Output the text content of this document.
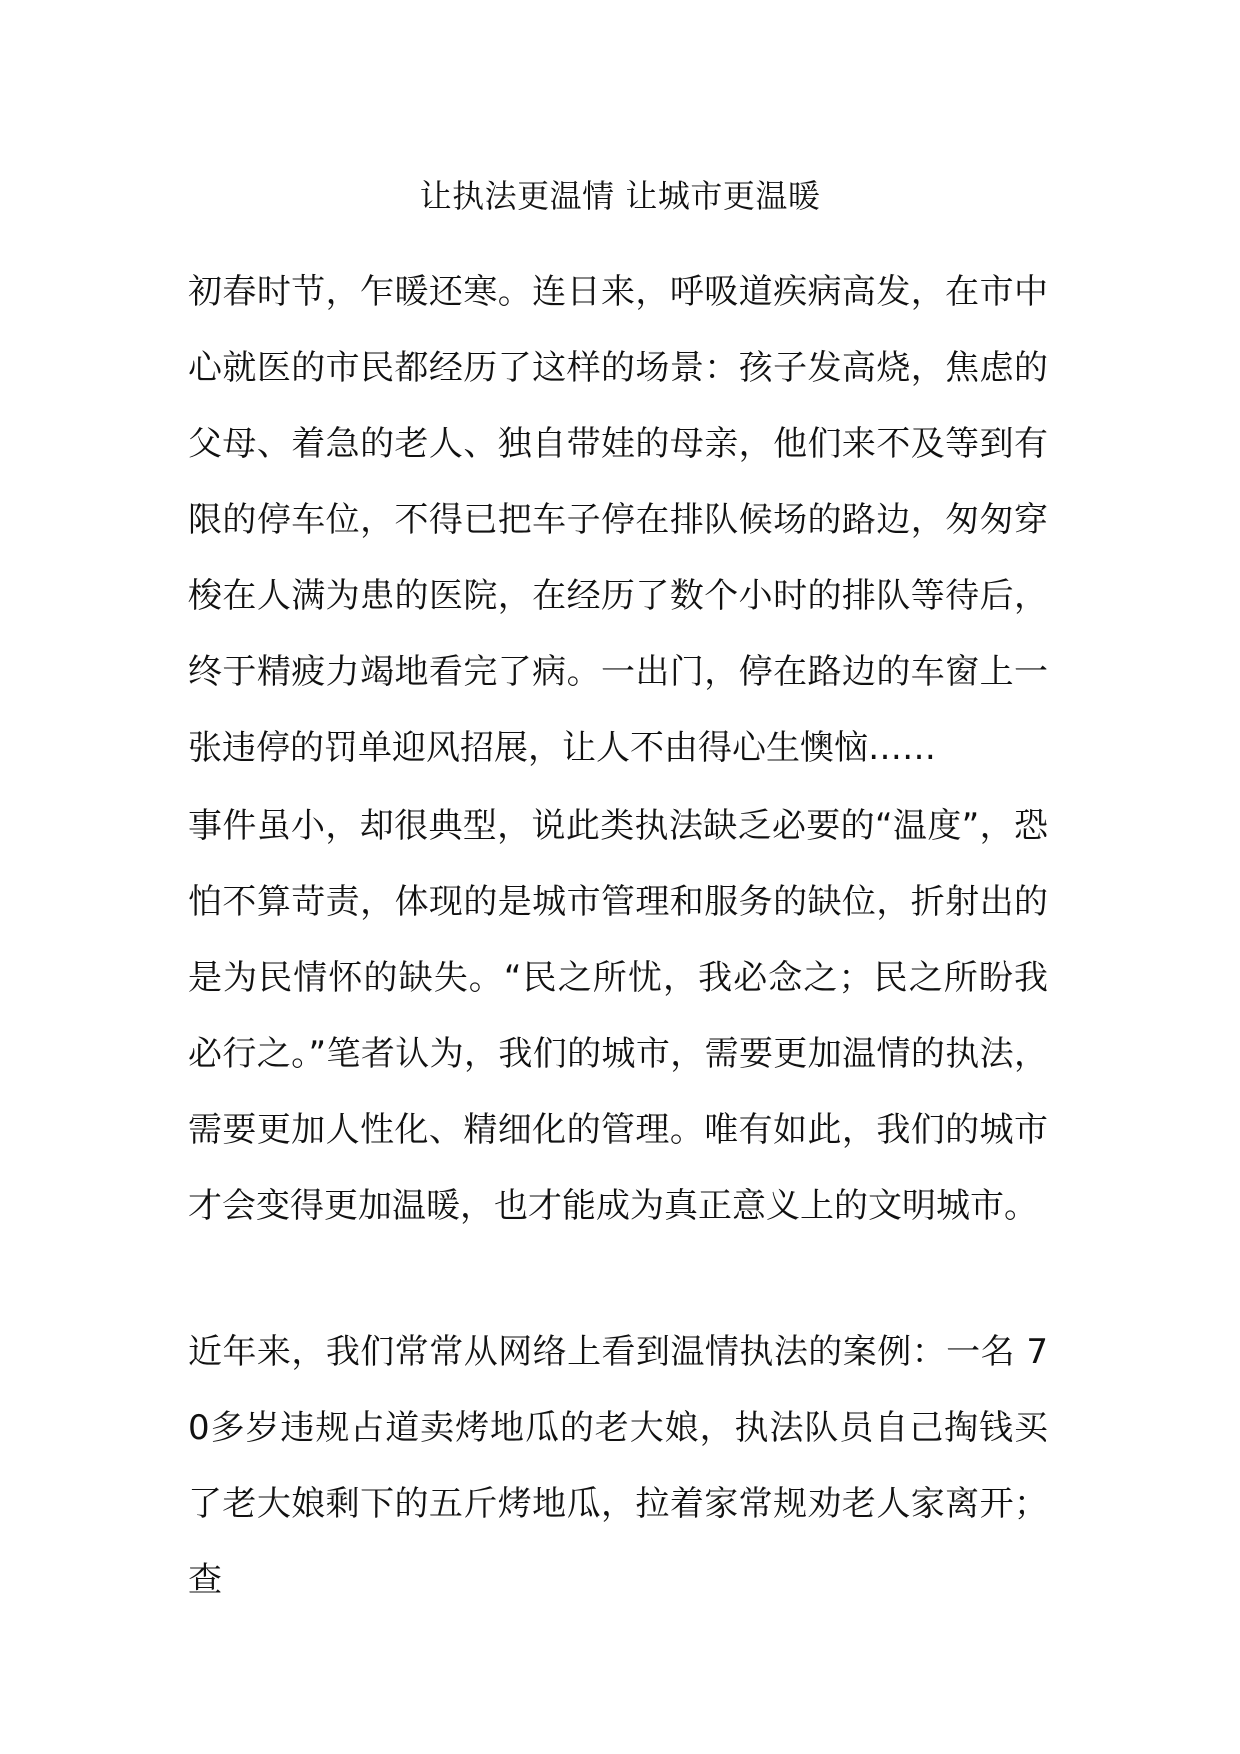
让执法更温情 让城市更温暖

初春时节，乍暖还寒。连日来，呼吸道疾病高发，在市中心就医的市民都经历了这样的场景：孩子发高烧，焦虑的父母、着急的老人、独自带娃的母亲，他们来不及等到有限的停车位，不得已把车子停在排队候场的路边，匆匆穿梭在人满为患的医院，在经历了数个小时的排队等待后，终于精疲力竭地看完了病。一出门，停在路边的车窗上一张违停的罚单迎风招展，让人不由得心生懊恼……

事件虽小，却很典型，说此类执法缺乏必要的“温度”，恐怕不算苛责，体现的是城市管理和服务的缺位，折射出的是为民情怀的缺失。“民之所忧，我必念之；民之所盼我必行之。”笔者认为，我们的城市，需要更加温情的执法，需要更加人性化、精细化的管理。唯有如此，我们的城市才会变得更加温暖，也才能成为真正意义上的文明城市。

近年来，我们常常从网络上看到温情执法的案例：一名 70多岁违规占道卖烤地瓜的老大娘，执法队员自己掏钱买了老大娘剩下的五斤烤地瓜，拉着家常规劝老人家离开；查
